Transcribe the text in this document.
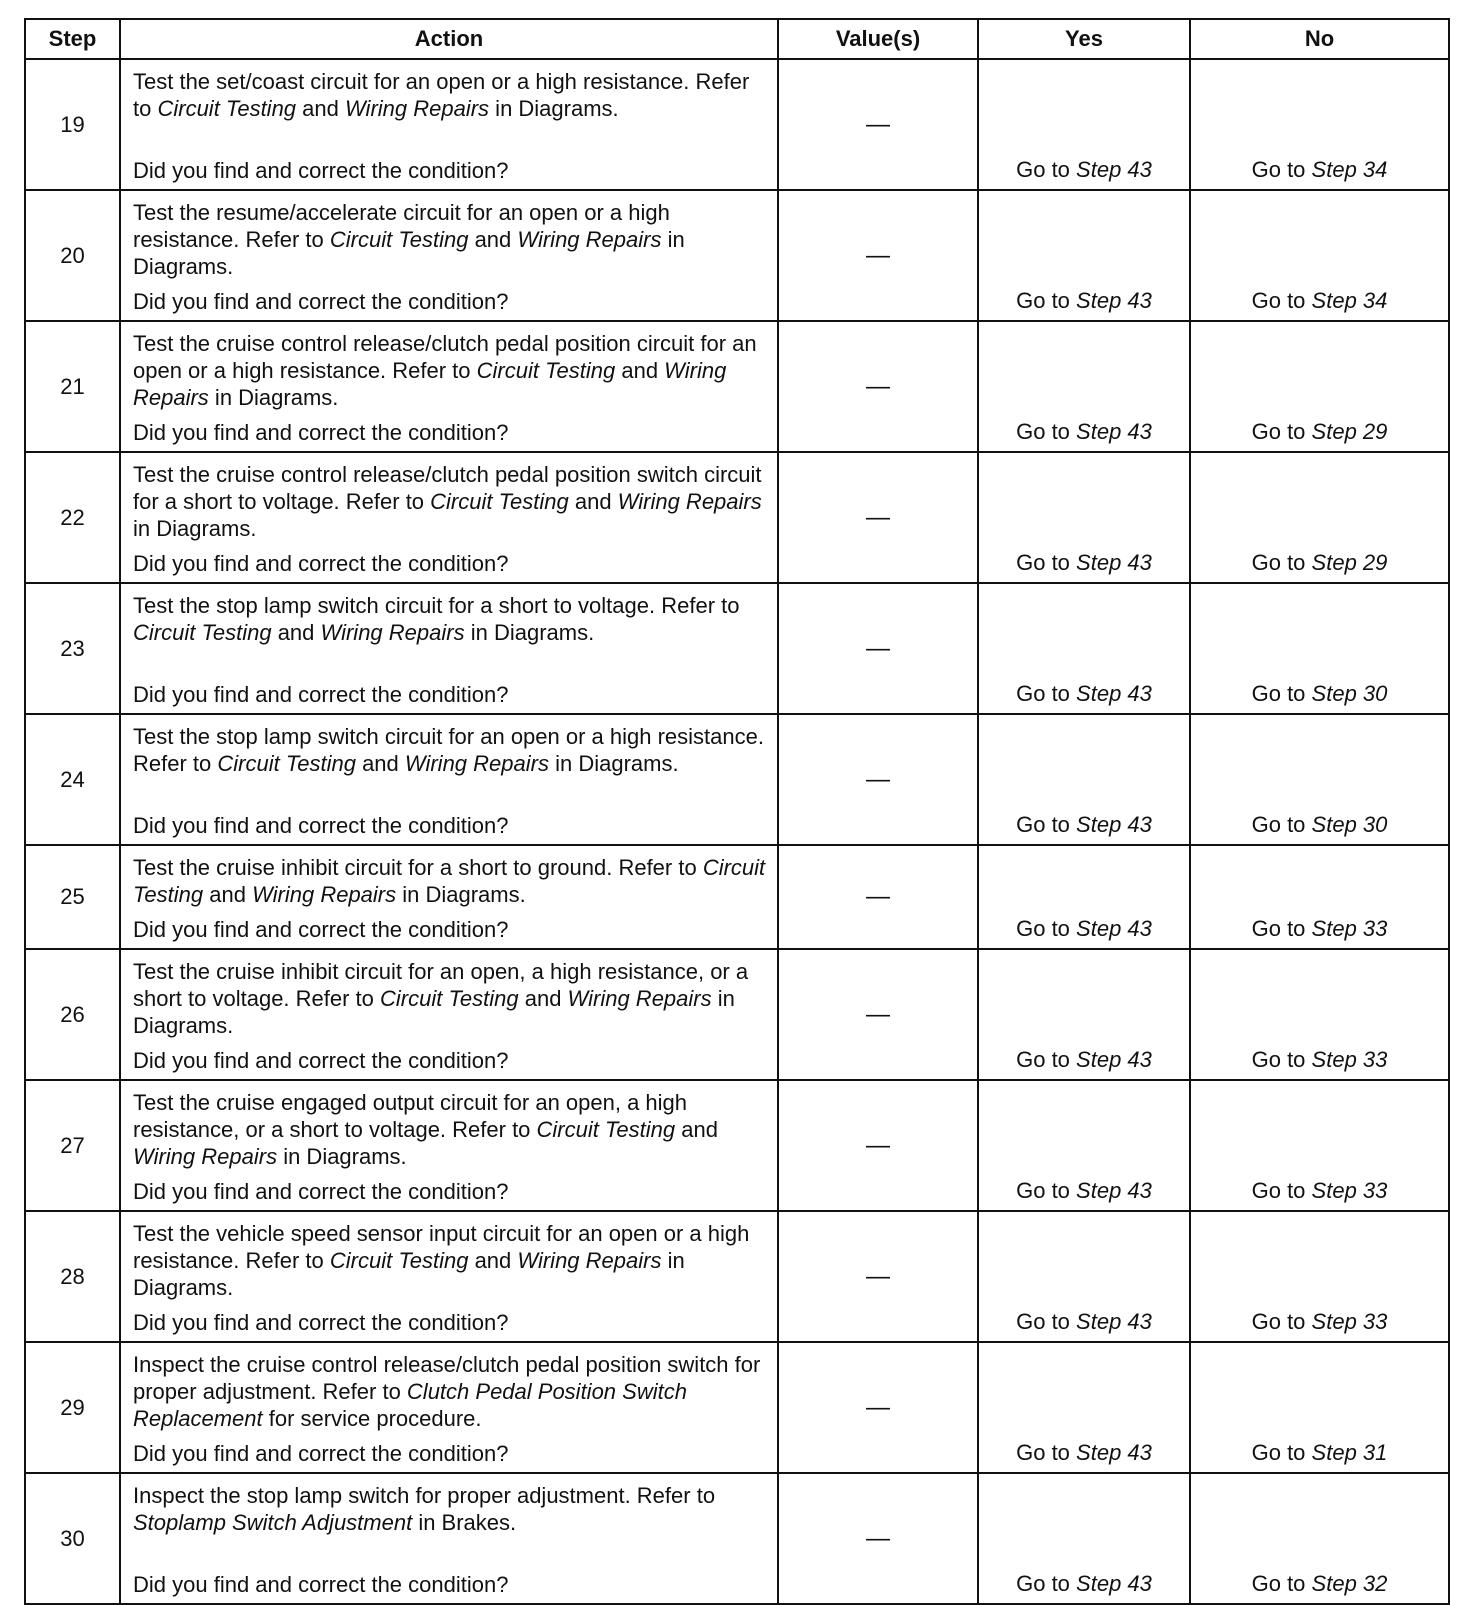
Step	Action	Value(s)	Yes	No
19	Test the set/coast circuit for an open or a high resistance. Refer to Circuit Testing and Wiring Repairs in Diagrams.
Did you find and correct the condition?	—	Go to Step 43	Go to Step 34
20	Test the resume/accelerate circuit for an open or a high resistance. Refer to Circuit Testing and Wiring Repairs in Diagrams.
Did you find and correct the condition?	—	Go to Step 43	Go to Step 34
21	Test the cruise control release/clutch pedal position circuit for an open or a high resistance. Refer to Circuit Testing and Wiring Repairs in Diagrams.
Did you find and correct the condition?	—	Go to Step 43	Go to Step 29
22	Test the cruise control release/clutch pedal position switch circuit for a short to voltage. Refer to Circuit Testing and Wiring Repairs in Diagrams.
Did you find and correct the condition?	—	Go to Step 43	Go to Step 29
23	Test the stop lamp switch circuit for a short to voltage. Refer to Circuit Testing and Wiring Repairs in Diagrams.
Did you find and correct the condition?	—	Go to Step 43	Go to Step 30
24	Test the stop lamp switch circuit for an open or a high resistance. Refer to Circuit Testing and Wiring Repairs in Diagrams.
Did you find and correct the condition?	—	Go to Step 43	Go to Step 30
25	Test the cruise inhibit circuit for a short to ground. Refer to Circuit Testing and Wiring Repairs in Diagrams.
Did you find and correct the condition?	—	Go to Step 43	Go to Step 33
26	Test the cruise inhibit circuit for an open, a high resistance, or a short to voltage. Refer to Circuit Testing and Wiring Repairs in Diagrams.
Did you find and correct the condition?	—	Go to Step 43	Go to Step 33
27	Test the cruise engaged output circuit for an open, a high resistance, or a short to voltage. Refer to Circuit Testing and Wiring Repairs in Diagrams.
Did you find and correct the condition?	—	Go to Step 43	Go to Step 33
28	Test the vehicle speed sensor input circuit for an open or a high resistance. Refer to Circuit Testing and Wiring Repairs in Diagrams.
Did you find and correct the condition?	—	Go to Step 43	Go to Step 33
29	Inspect the cruise control release/clutch pedal position switch for proper adjustment. Refer to Clutch Pedal Position Switch Replacement for service procedure.
Did you find and correct the condition?	—	Go to Step 43	Go to Step 31
30	Inspect the stop lamp switch for proper adjustment. Refer to Stoplamp Switch Adjustment in Brakes.
Did you find and correct the condition?	—	Go to Step 43	Go to Step 32
